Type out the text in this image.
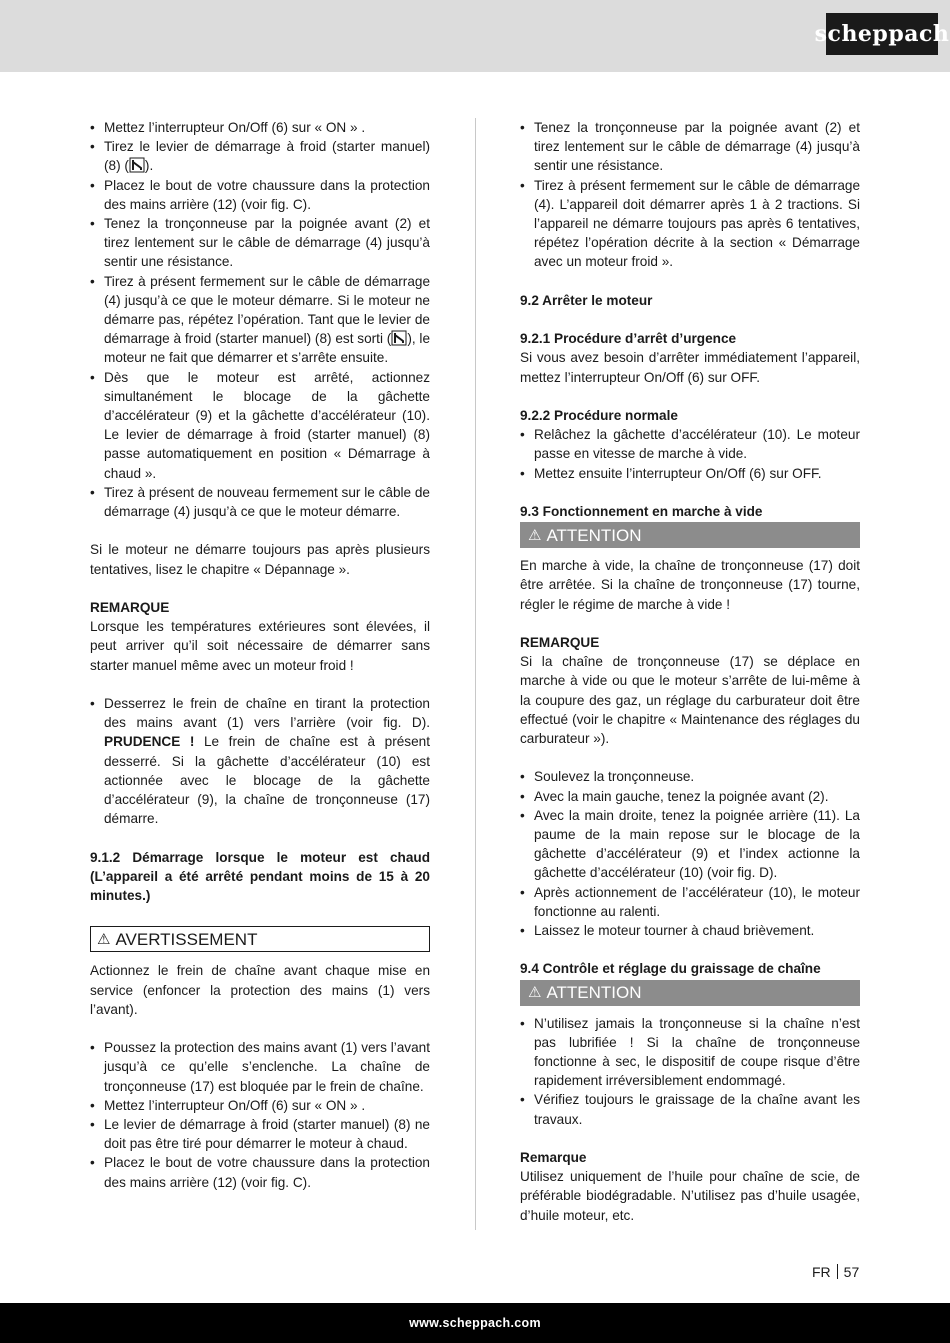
scheppach
• Mettez l’interrupteur On/Off (6) sur « ON » .
• Tirez le levier de démarrage à froid (starter manuel) (8) ( ).
• Placez le bout de votre chaussure dans la protection des mains arrière (12) (voir fig. C).
• Tenez la tronçonneuse par la poignée avant (2) et tirez lentement sur le câble de démarrage (4) jusqu’à sentir une résistance.
• Tirez à présent fermement sur le câble de démarrage (4) jusqu’à ce que le moteur démarre. Si le moteur ne démarre pas, répétez l’opération. Tant que le levier de démarrage à froid (starter manuel) (8) est sorti ( ), le moteur ne fait que démarrer et s’arrête ensuite.
• Dès que le moteur est arrêté, actionnez simultanément le blocage de la gâchette d’accélérateur (9) et la gâchette d’accélérateur (10). Le levier de démarrage à froid (starter manuel) (8) passe automatiquement en position « Démarrage à chaud ».
• Tirez à présent de nouveau fermement sur le câble de démarrage (4) jusqu’à ce que le moteur démarre.

Si le moteur ne démarre toujours pas après plusieurs tentatives, lisez le chapitre « Dépannage ».

REMARQUE

Lorsque les températures extérieures sont élevées, il peut arriver qu’il soit nécessaire de démarrer sans starter manuel même avec un moteur froid !

• Desserrez le frein de chaîne en tirant la protection des mains avant (1) vers l’arrière (voir fig. D). PRUDENCE ! Le frein de chaîne est à présent desserré. Si la gâchette d’accélérateur (10) est actionnée avec le blocage de la gâchette d’accélérateur (9), la chaîne de tronçonneuse (17) démarre.

9.1.2 Démarrage lorsque le moteur est chaud (L’appareil a été arrêté pendant moins de 15 à 20 minutes.)

⚠ AVERTISSEMENT

Actionnez le frein de chaîne avant chaque mise en service (enfoncer la protection des mains (1) vers l’avant).

• Poussez la protection des mains avant (1) vers l’avant jusqu’à ce qu’elle s’enclenche. La chaîne de tronçonneuse (17) est bloquée par le frein de chaîne.
• Mettez l’interrupteur On/Off (6) sur « ON » .
• Le levier de démarrage à froid (starter manuel) (8) ne doit pas être tiré pour démarrer le moteur à chaud.
• Placez le bout de votre chaussure dans la protection des mains arrière (12) (voir fig. C).
• Tenez la tronçonneuse par la poignée avant (2) et tirez lentement sur le câble de démarrage (4) jusqu’à sentir une résistance.
• Tirez à présent fermement sur le câble de démarrage (4). L’appareil doit démarrer après 1 à 2 tractions. Si l’appareil ne démarre toujours pas après 6 tentatives, répétez l’opération décrite à la section « Démarrage avec un moteur froid ».

9.2 Arrêter le moteur

9.2.1 Procédure d’arrêt d’urgence

Si vous avez besoin d’arrêter immédiatement l’appareil, mettez l’interrupteur On/Off (6) sur OFF.

9.2.2 Procédure normale

• Relâchez la gâchette d’accélérateur (10). Le moteur passe en vitesse de marche à vide.
• Mettez ensuite l’interrupteur On/Off (6) sur OFF.

9.3 Fonctionnement en marche à vide

⚠ ATTENTION

En marche à vide, la chaîne de tronçonneuse (17) doit être arrêtée. Si la chaîne de tronçonneuse (17) tourne, régler le régime de marche à vide !

REMARQUE

Si la chaîne de tronçonneuse (17) se déplace en marche à vide ou que le moteur s’arrête de lui-même à la coupure des gaz, un réglage du carburateur doit être effectué (voir le chapitre « Maintenance des réglages du carburateur »).

• Soulevez la tronçonneuse.
• Avec la main gauche, tenez la poignée avant (2).
• Avec la main droite, tenez la poignée arrière (11). La paume de la main repose sur le blocage de la gâchette d’accélérateur (9) et l’index actionne la gâchette d’accélérateur (10) (voir fig. D).
• Après actionnement de l’accélérateur (10), le moteur fonctionne au ralenti.
• Laissez le moteur tourner à chaud brièvement.

9.4 Contrôle et réglage du graissage de chaîne

⚠ ATTENTION
• N’utilisez jamais la tronçonneuse si la chaîne n’est pas lubrifiée ! Si la chaîne de tronçonneuse fonctionne à sec, le dispositif de coupe risque d’être rapidement irréversiblement endommagé.
• Vérifiez toujours le graissage de la chaîne avant les travaux.

Remarque

Utilisez uniquement de l’huile pour chaîne de scie, de préférable biodégradable. N’utilisez pas d’huile usagée, d’huile moteur, etc.

FR 57
www.scheppach.com
